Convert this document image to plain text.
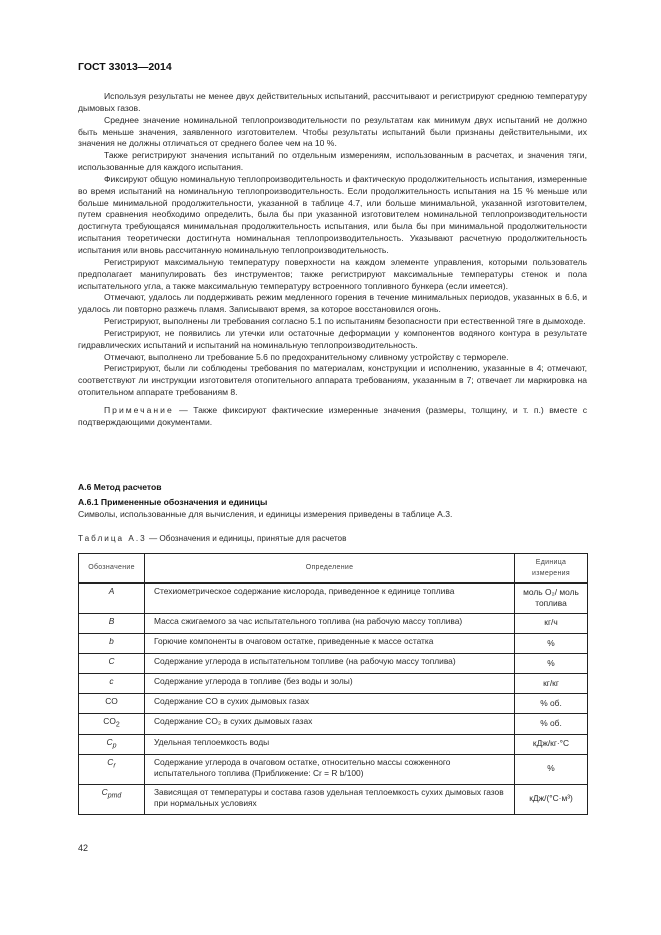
ГОСТ 33013—2014

Используя результаты не менее двух действительных испытаний, рассчитывают и регистрируют среднюю температуру дымовых газов.

Среднее значение номинальной теплопроизводительности по результатам как минимум двух испытаний не должно быть меньше значения, заявленного изготовителем. Чтобы результаты испытаний были признаны действительными, их значения не должны отличаться от среднего более чем на 10 %.

Также регистрируют значения испытаний по отдельным измерениям, использованным в расчетах, и значения тяги, использованные для каждого испытания.

Фиксируют общую номинальную теплопроизводительность и фактическую продолжительность испытания, измеренные во время испытаний на номинальную теплопроизводительность. Если продолжительность испытания на 15 % меньше или больше минимальной продолжительности, указанной в таблице 4.7, или больше минимальной, указанной изготовителем, путем сравнения необходимо определить, была бы при указанной изготовителем номинальной теплопроизводительности достигнута требующаяся минимальная продолжительность испытания, или была бы при минимальной продолжительности испытания теоретически достигнута номинальная теплопроизводительность. Указывают расчетную продолжительность испытания или вновь рассчитанную номинальную теплопроизводительность.

Регистрируют максимальную температуру поверхности на каждом элементе управления, которыми пользователь предполагает манипулировать без инструментов; также регистрируют максимальные температуры стенок и пола испытательного угла, а также максимальную температуру встроенного топливного бункера (если имеется).

Отмечают, удалось ли поддерживать режим медленного горения в течение минимальных периодов, указанных в 6.6, и удалось ли повторно разжечь пламя. Записывают время, за которое восстановился огонь.

Регистрируют, выполнены ли требования согласно 5.1 по испытаниям безопасности при естественной тяге в дымоходе.

Регистрируют, не появились ли утечки или остаточные деформации у компонентов водяного контура в результате гидравлических испытаний и испытаний на номинальную теплопроизводительность.

Отмечают, выполнено ли требование 5.6 по предохранительному сливному устройству с термореле.

Регистрируют, были ли соблюдены требования по материалам, конструкции и исполнению, указанные в 4; отмечают, соответствуют ли инструкции изготовителя отопительного аппарата требованиям, указанным в 7; отвечает ли маркировка на отопительном аппарате требованиям 8.

Примечание — Также фиксируют фактические измеренные значения (размеры, толщину, и т. п.) вместе с подтверждающими документами.

А.6 Метод расчетов
А.6.1 Примененные обозначения и единицы
Символы, использованные для вычисления, и единицы измерения приведены в таблице А.3.
Таблица А.3 — Обозначения и единицы, принятые для расчетов
Обозначение	Определение	Единица измерения
A	Стехиометрическое содержание кислорода, приведенное к единице топлива	моль O₂/ моль топлива
B	Масса сжигаемого за час испытательного топлива (на рабочую массу топлива)	кг/ч
b	Горючие компоненты в очаговом остатке, приведенные к массе остатка	%
C	Содержание углерода в испытательном топливе (на рабочую массу топлива)	%
c	Содержание углерода в топливе (без воды и золы)	кг/кг
CO	Содержание CO в сухих дымовых газах	% об.
$CO_2$	Содержание CO₂ в сухих дымовых газах	% об.
$C_p$	Удельная теплоемкость воды	кДж/кг·°С
$C_r$	Содержание углерода в очаговом остатке, относительно массы сожженного испытательного топлива (Приближение: Cr = R b/100)	%
$C_{pmd}$	Зависящая от температуры и состава газов удельная теплоемкость сухих дымовых газов при нормальных условиях	кДж/(°С·м³)
42
